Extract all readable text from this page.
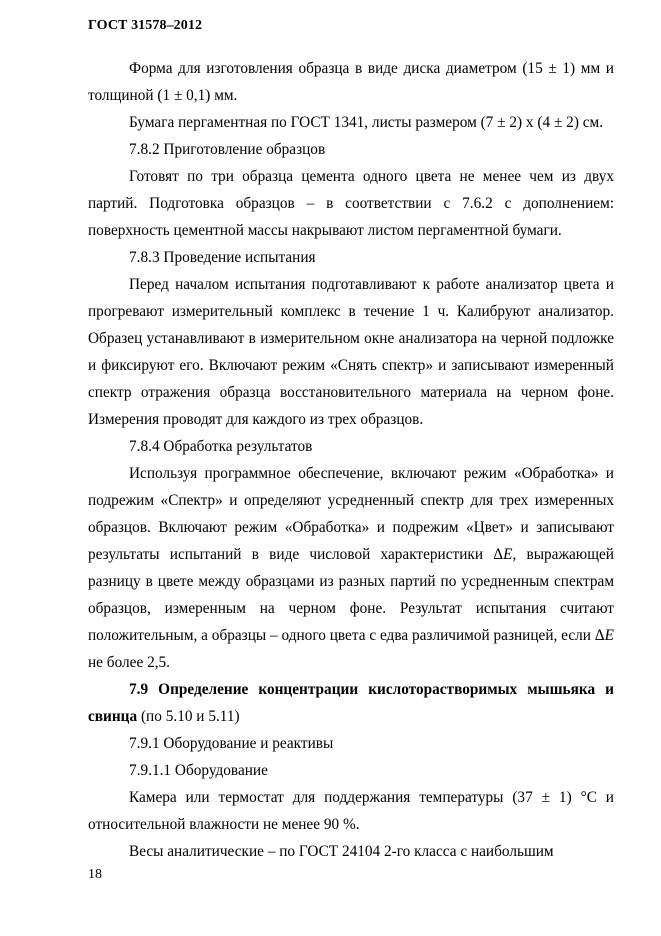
ГОСТ 31578–2012

Форма для изготовления образца в виде диска диаметром (15 ± 1) мм и толщиной (1 ± 0,1) мм.

Бумага пергаментная по ГОСТ 1341, листы размером (7 ± 2) х (4 ± 2) см.

7.8.2 Приготовление образцов

Готовят по три образца цемента одного цвета не менее чем из двух партий. Подготовка образцов – в соответствии с 7.6.2 с дополнением: поверхность цементной массы накрывают листом пергаментной бумаги.

7.8.3 Проведение испытания

Перед началом испытания подготавливают к работе анализатор цвета и прогревают измерительный комплекс в течение 1 ч. Калибруют анализатор. Образец устанавливают в измерительном окне анализатора на черной подложке и фиксируют его. Включают режим «Снять спектр» и записывают измеренный спектр отражения образца восстановительного материала на черном фоне. Измерения проводят для каждого из трех образцов.

7.8.4 Обработка результатов

Используя программное обеспечение, включают режим «Обработка» и подрежим «Спектр» и определяют усредненный спектр для трех измеренных образцов. Включают режим «Обработка» и подрежим «Цвет» и записывают результаты испытаний в виде числовой характеристики ΔE, выражающей разницу в цвете между образцами из разных партий по усредненным спектрам образцов, измеренным на черном фоне. Результат испытания считают положительным, а образцы – одного цвета с едва различимой разницей, если ΔE не более 2,5.

7.9 Определение концентрации кислоторастворимых мышьяка и свинца (по 5.10 и 5.11)

7.9.1 Оборудование и реактивы

7.9.1.1 Оборудование

Камера или термостат для поддержания температуры (37 ± 1) °С и относительной влажности не менее 90 %.

Весы аналитические – по ГОСТ 24104 2-го класса с наибольшим

18
